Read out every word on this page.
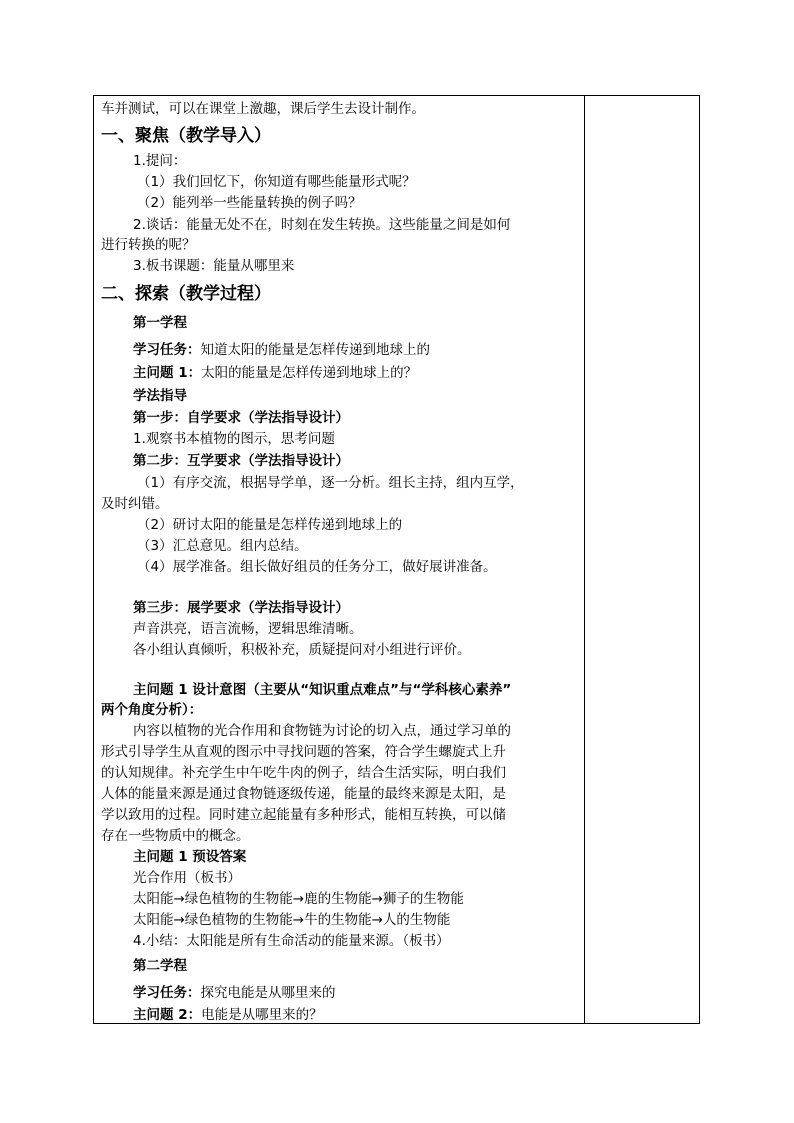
车并测试，可以在课堂上激趣，课后学生去设计制作。
一、聚焦（教学导入）
1.提问：
（1）我们回忆下，你知道有哪些能量形式呢？
（2）能列举一些能量转换的例子吗？
2.谈话：能量无处不在，时刻在发生转换。这些能量之间是如何
进行转换的呢？
3.板书课题：能量从哪里来
二、探索（教学过程）
第一学程
学习任务：知道太阳的能量是怎样传递到地球上的
主问题 1：太阳的能量是怎样传递到地球上的？
学法指导
第一步：自学要求（学法指导设计）
1.观察书本植物的图示，思考问题
第二步：互学要求（学法指导设计）
（1）有序交流，根据导学单，逐一分析。组长主持，组内互学，
及时纠错。
（2）研讨太阳的能量是怎样传递到地球上的
（3）汇总意见。组内总结。
（4）展学准备。组长做好组员的任务分工，做好展讲准备。
第三步：展学要求（学法指导设计）
声音洪亮，语言流畅，逻辑思维清晰。
各小组认真倾听，积极补充，质疑提问对小组进行评价。
主问题 1 设计意图（主要从“知识重点难点”与“学科核心素养”
两个角度分析）：
内容以植物的光合作用和食物链为讨论的切入点，通过学习单的
形式引导学生从直观的图示中寻找问题的答案，符合学生螺旋式上升
的认知规律。补充学生中午吃牛肉的例子，结合生活实际，明白我们
人体的能量来源是通过食物链逐级传递，能量的最终来源是太阳，是
学以致用的过程。同时建立起能量有多种形式，能相互转换，可以储
存在一些物质中的概念。
主问题 1 预设答案
光合作用（板书）
太阳能→绿色植物的生物能→鹿的生物能→狮子的生物能
太阳能→绿色植物的生物能→牛的生物能→人的生物能
4.小结：太阳能是所有生命活动的能量来源。（板书）
第二学程
学习任务：探究电能是从哪里来的
主问题 2：电能是从哪里来的？
